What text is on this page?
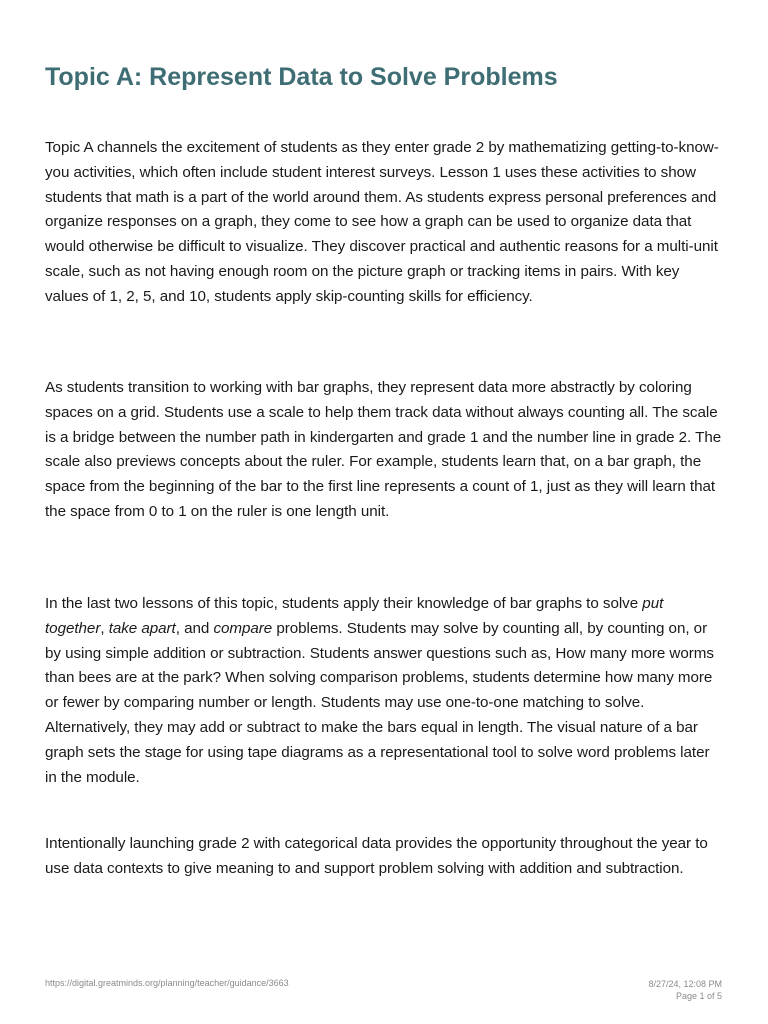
Topic A: Represent Data to Solve Problems

Topic A channels the excitement of students as they enter grade 2 by mathematizing getting-to-know-you activities, which often include student interest surveys. Lesson 1 uses these activities to show students that math is a part of the world around them. As students express personal preferences and organize responses on a graph, they come to see how a graph can be used to organize data that would otherwise be difficult to visualize. They discover practical and authentic reasons for a multi-unit scale, such as not having enough room on the picture graph or tracking items in pairs. With key values of 1, 2, 5, and 10, students apply skip-counting skills for efficiency.

As students transition to working with bar graphs, they represent data more abstractly by coloring spaces on a grid. Students use a scale to help them track data without always counting all. The scale is a bridge between the number path in kindergarten and grade 1 and the number line in grade 2. The scale also previews concepts about the ruler. For example, students learn that, on a bar graph, the space from the beginning of the bar to the first line represents a count of 1, just as they will learn that the space from 0 to 1 on the ruler is one length unit.

In the last two lessons of this topic, students apply their knowledge of bar graphs to solve put together, take apart, and compare problems. Students may solve by counting all, by counting on, or by using simple addition or subtraction. Students answer questions such as, How many more worms than bees are at the park? When solving comparison problems, students determine how many more or fewer by comparing number or length. Students may use one-to-one matching to solve. Alternatively, they may add or subtract to make the bars equal in length. The visual nature of a bar graph sets the stage for using tape diagrams as a representational tool to solve word problems later in the module.

Intentionally launching grade 2 with categorical data provides the opportunity throughout the year to use data contexts to give meaning to and support problem solving with addition and subtraction.

https://digital.greatminds.org/planning/teacher/guidance/3663	8/27/24, 12:08 PM
Page 1 of 5
